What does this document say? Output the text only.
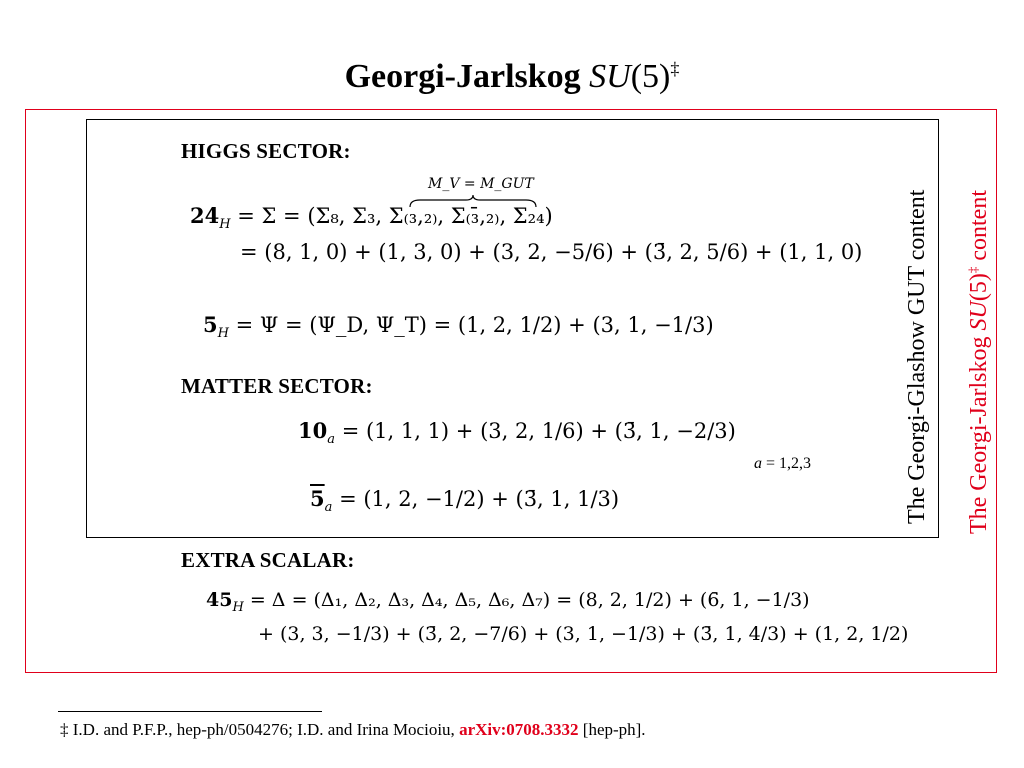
Georgi-Jarlskog SU(5)‡
HIGGS SECTOR:
M_V = M_GUT
$24_H = \Sigma = (\Sigma_8$, Σ₃, Σ₍₃,₂₎, Σ₍₃̄,₂₎, Σ₂₄)
= (8, 1, 0) + (1, 3, 0) + (3, 2, −5/6) + (3̄, 2, 5/6) + (1, 1, 0)
$5_H = \Psi$ = (Ψ_D, Ψ_T) = (1, 2, 1/2) + (3, 1, −1/3)
MATTER SECTOR:
$10_a = (1$, 1, 1) + (3, 2, 1/6) + (3̄, 1, −2/3)
a = 1,2,3
$5_a = (1$, 2, −1/2) + (3̄, 1, 1/3)
EXTRA SCALAR:
$45_H = \Delta = (\Delta_1$, Δ₂, Δ₃, Δ₄, Δ₅, Δ₆, Δ₇) = (8, 2, 1/2) + (6̄, 1, −1/3)
+ (3, 3, −1/3) + (3̄, 2, −7/6) + (3, 1, −1/3) + (3̄, 1, 4/3) + (1, 2, 1/2)
The Georgi-Glashow GUT content The Georgi-Jarlskog SU(5)‡ content
‡ I.D. and P.F.P., hep-ph/0504276; I.D. and Irina Mocioiu, arXiv:0708.3332 [hep-ph].
